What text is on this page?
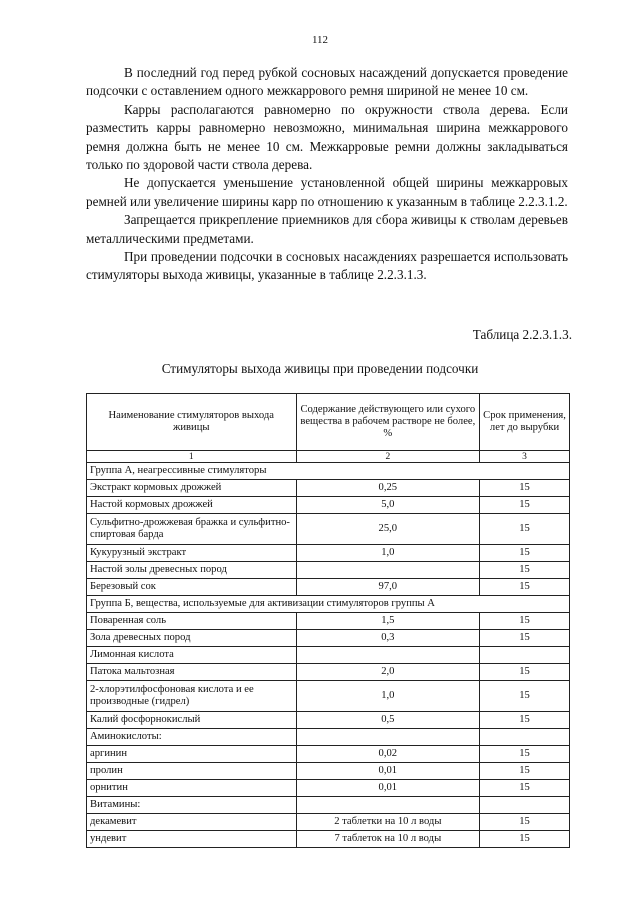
112

В последний год перед рубкой сосновых насаждений допускается проведение подсочки с оставлением одного межкаррового ремня шириной не менее 10 см.

Карры располагаются равномерно по окружности ствола дерева. Если разместить карры равномерно невозможно, минимальная ширина межкаррового ремня должна быть не менее 10 см. Межкарровые ремни должны закладываться только по здоровой части ствола дерева.

Не допускается уменьшение установленной общей ширины межкарровых ремней или увеличение ширины карр по отношению к указанным в таблице 2.2.3.1.2.

Запрещается прикрепление приемников для сбора живицы к стволам деревьев металлическими предметами.

При проведении подсочки в сосновых насаждениях разрешается использовать стимуляторы выхода живицы, указанные в таблице 2.2.3.1.3.

Таблица 2.2.3.1.3.
Стимуляторы выхода живицы при проведении подсочки
Наименование стимуляторов выхода живицы	Содержание действующего или сухого вещества в рабочем растворе не более, %	Срок применения, лет до вырубки
1	2	3
Группа А, неагрессивные стимуляторы		
Экстракт кормовых дрожжей	0,25	15
Настой кормовых дрожжей	5,0	15
Сульфитно-дрожжевая бражка и сульфитно-спиртовая барда	25,0	15
Кукурузный экстракт	1,0	15
Настой золы древесных пород		15
Березовый сок	97,0	15
Группа Б, вещества, используемые для активизации стимуляторов группы А		
Поваренная соль	1,5	15
Зола древесных пород	0,3	15
Лимонная кислота		
Патока мальтозная	2,0	15
2-хлорэтилфосфоновая кислота и ее производные (гидрел)	1,0	15
Калий фосфорнокислый	0,5	15
Аминокислоты:		
аргинин	0,02	15
пролин	0,01	15
орнитин	0,01	15
Витамины:		
декамевит	2 таблетки на 10 л воды	15
ундевит	7 таблеток на 10 л воды	15
